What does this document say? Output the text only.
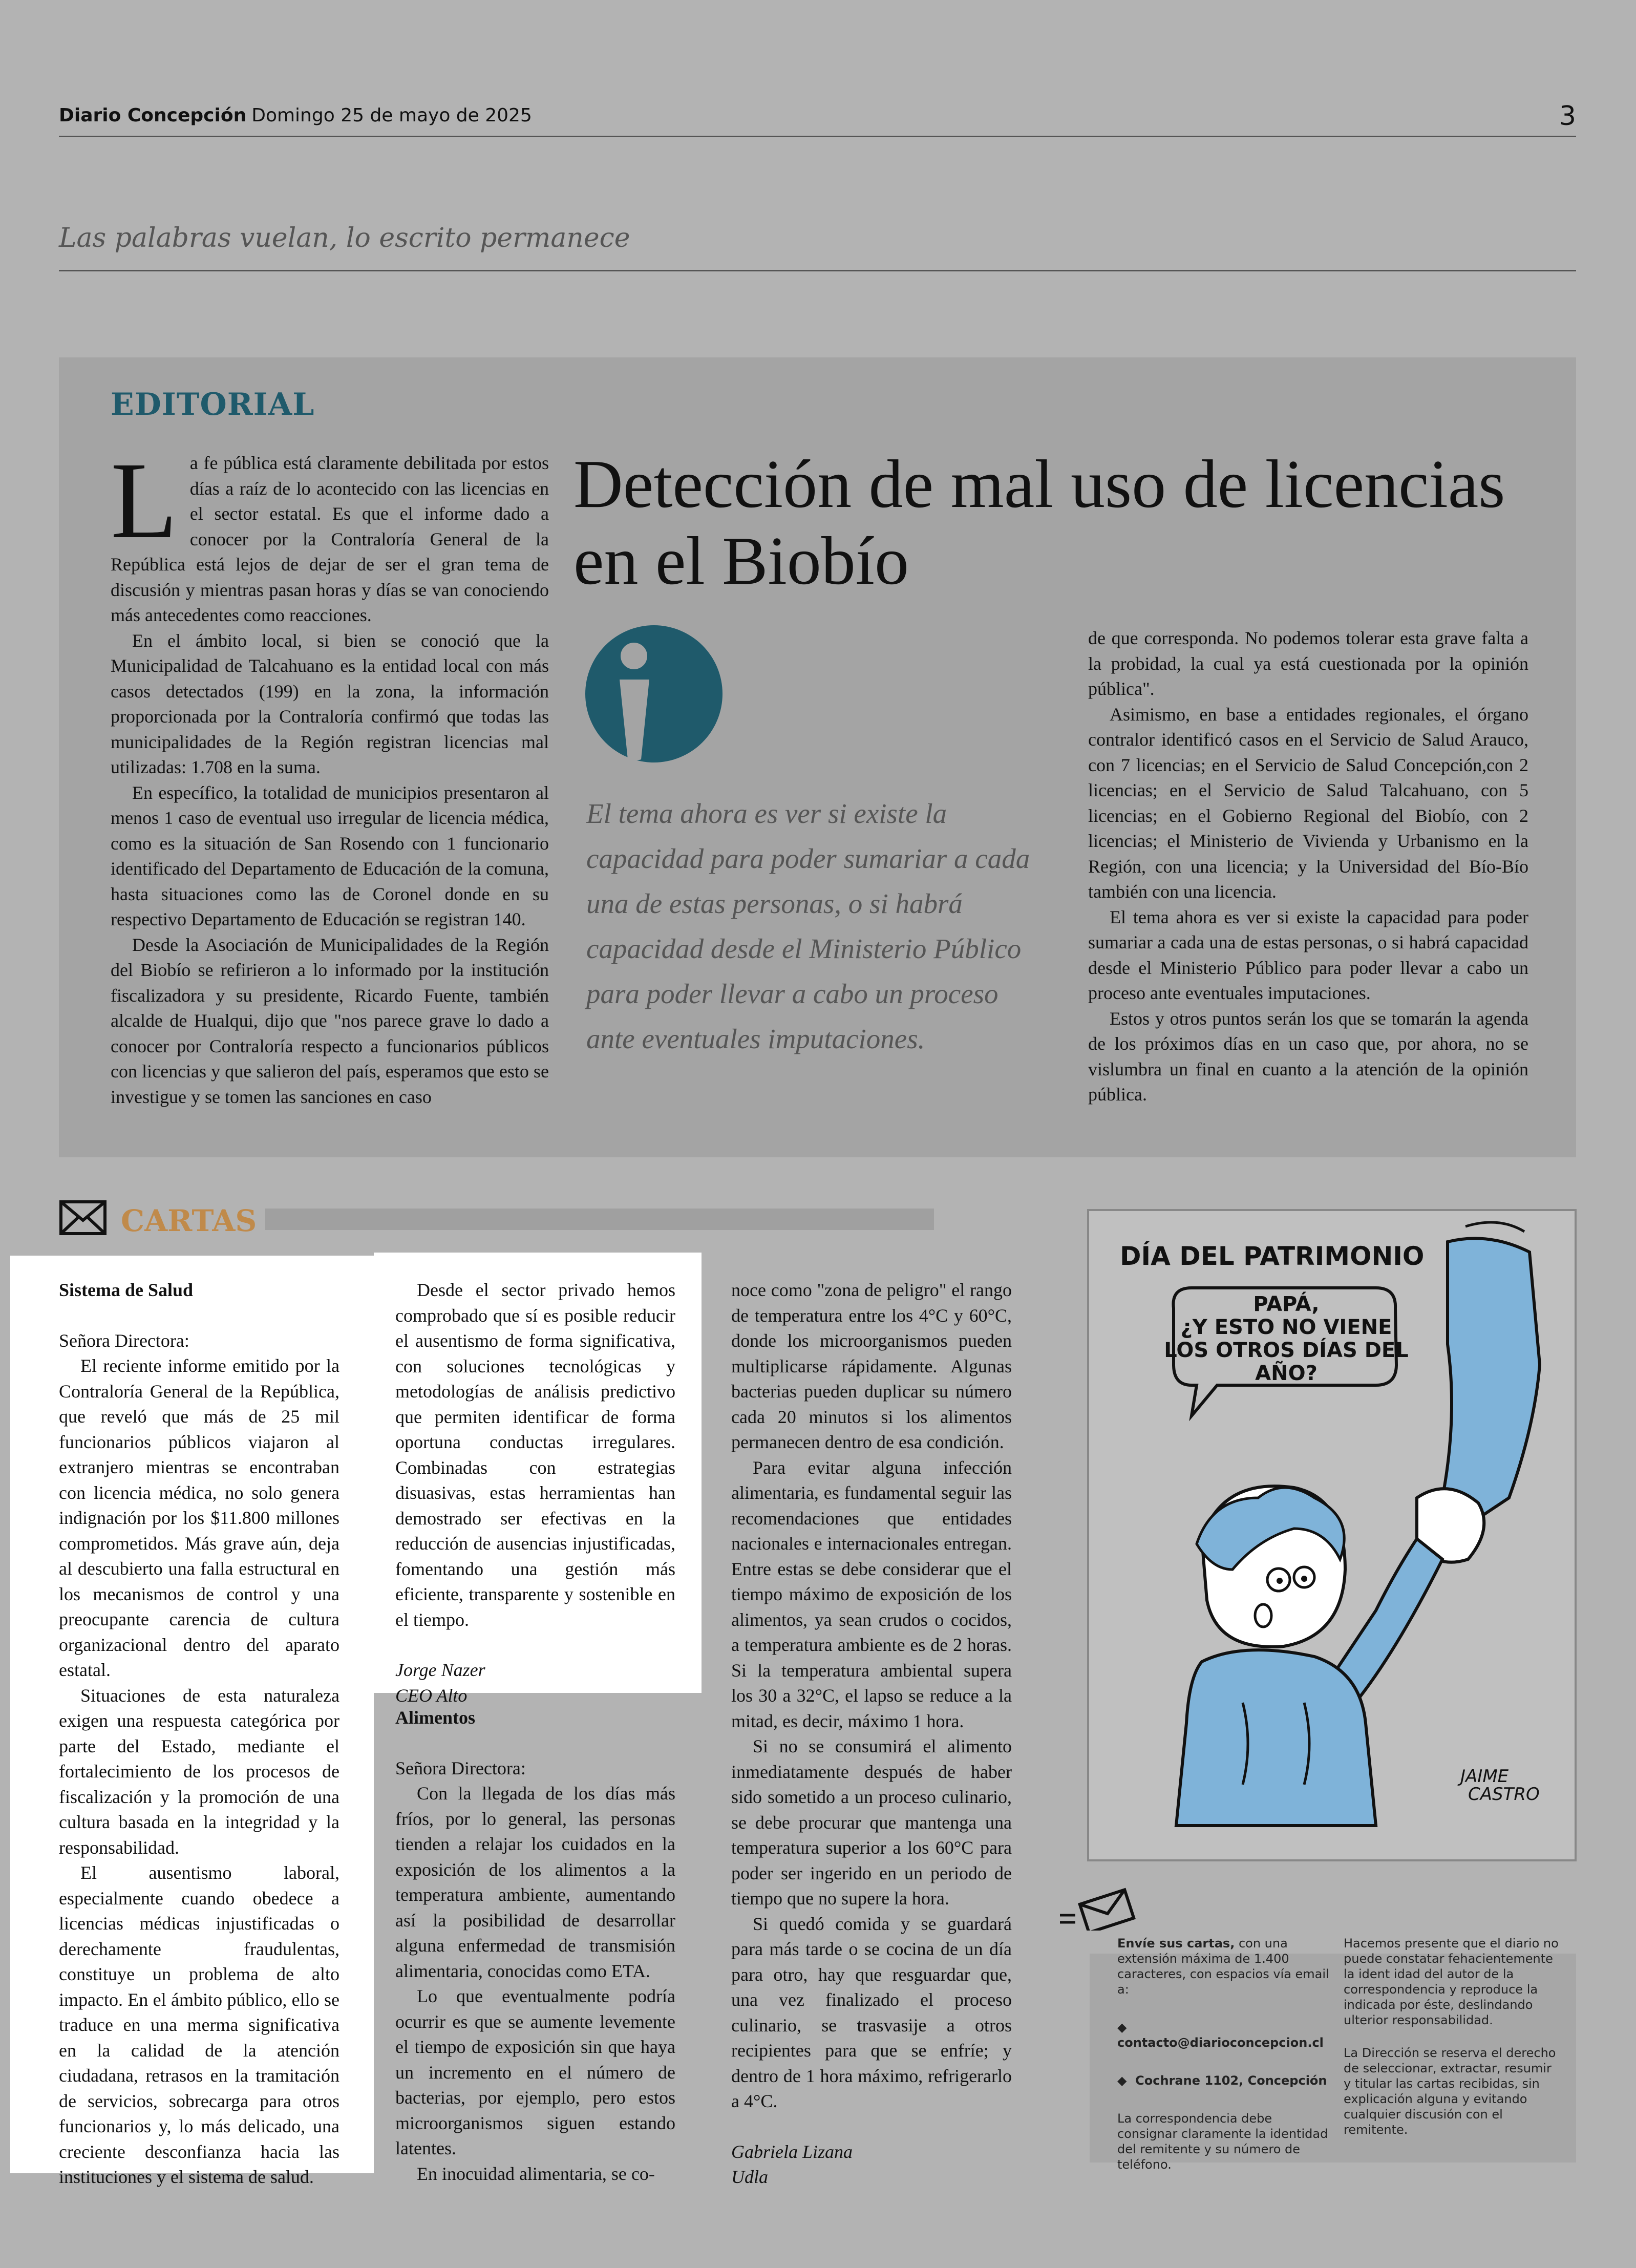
Diario Concepción Domingo 25 de mayo de 2025	3
Las palabras vuelan, lo escrito permanece
EDITORIAL

La fe pública está claramente debilitada por estos días a raíz de lo acontecido con las licencias en el sector estatal. Es que el informe dado a conocer por la Contraloría General de la República está lejos de dejar de ser el gran tema de discusión y mientras pasan horas y días se van conociendo más antecedentes como reacciones.

En el ámbito local, si bien se conoció que la Municipalidad de Talcahuano es la entidad local con más casos detectados (199) en la zona, la información proporcionada por la Contraloría confirmó que todas las municipalidades de la Región registran licencias mal utilizadas: 1.708 en la suma.

En específico, la totalidad de municipios presentaron al menos 1 caso de eventual uso irregular de licencia médica, como es la situación de San Rosendo con 1 funcionario identificado del Departamento de Educación de la comuna, hasta situaciones como las de Coronel donde en su respectivo Departamento de Educación se registran 140.

Desde la Asociación de Municipalidades de la Región del Biobío se refirieron a lo informado por la institución fiscalizadora y su presidente, Ricardo Fuente, también alcalde de Hualqui, dijo que "nos parece grave lo dado a conocer por Contraloría respecto a funcionarios públicos con licencias y que salieron del país, esperamos que esto se investigue y se tomen las sanciones en caso

Detección de mal uso de licencias en el Biobío
El tema ahora es ver si existe la capacidad para poder sumariar a cada una de estas personas, o si habrá capacidad desde el Ministerio Público para poder llevar a cabo un proceso ante eventuales imputaciones.

de que corresponda. No podemos tolerar esta grave falta a la probidad, la cual ya está cuestionada por la opinión pública".

Asimismo, en base a entidades regionales, el órgano contralor identificó casos en el Servicio de Salud Arauco, con 7 licencias; en el Servicio de Salud Concepción,con 2 licencias; en el Servicio de Salud Talcahuano, con 5 licencias; en el Gobierno Regional del Biobío, con 2 licencias; el Ministerio de Vivienda y Urbanismo en la Región, con una licencia; y la Universidad del Bío-Bío también con una licencia.

El tema ahora es ver si existe la capacidad para poder sumariar a cada una de estas personas, o si habrá capacidad desde el Ministerio Público para poder llevar a cabo un proceso ante eventuales imputaciones.

Estos y otros puntos serán los que se tomarán la agenda de los próximos días en un caso que, por ahora, no se vislumbra un final en cuanto a la atención de la opinión pública.

CARTAS

Sistema de Salud

Señora Directora:

El reciente informe emitido por la Contraloría General de la República, que reveló que más de 25 mil funcionarios públicos viajaron al extranjero mientras se encontraban con licencia médica, no solo genera indignación por los $11.800 millones comprometidos. Más grave aún, deja al descubierto una falla estructural en los mecanismos de control y una preocupante carencia de cultura organizacional dentro del aparato estatal.

Situaciones de esta naturaleza exigen una respuesta categórica por parte del Estado, mediante el fortalecimiento de los procesos de fiscalización y la promoción de una cultura basada en la integridad y la responsabilidad.

El ausentismo laboral, especialmente cuando obedece a licencias médicas injustificadas o derechamente fraudulentas, constituye un problema de alto impacto. En el ámbito público, ello se traduce en una merma significativa en la calidad de la atención ciudadana, retrasos en la tramitación de servicios, sobrecarga para otros funcionarios y, lo más delicado, una creciente desconfianza hacia las instituciones y el sistema de salud.

Desde el sector privado hemos comprobado que sí es posible reducir el ausentismo de forma significativa, con soluciones tecnológicas y metodologías de análisis predictivo que permiten identificar de forma oportuna conductas irregulares. Combinadas con estrategias disuasivas, estas herramientas han demostrado ser efectivas en la reducción de ausencias injustificadas, fomentando una gestión más eficiente, transparente y sostenible en el tiempo.

Jorge Nazer

CEO Alto

Alimentos

Señora Directora:

Con la llegada de los días más fríos, por lo general, las personas tienden a relajar los cuidados en la exposición de los alimentos a la temperatura ambiente, aumentando así la posibilidad de desarrollar alguna enfermedad de transmisión alimentaria, conocidas como ETA.

Lo que eventualmente podría ocurrir es que se aumente levemente el tiempo de exposición sin que haya un incremento en el número de bacterias, por ejemplo, pero estos microorganismos siguen estando latentes.

En inocuidad alimentaria, se co-

noce como "zona de peligro" el rango de temperatura entre los 4°C y 60°C, donde los microorganismos pueden multiplicarse rápidamente. Algunas bacterias pueden duplicar su número cada 20 minutos si los alimentos permanecen dentro de esa condición.

Para evitar alguna infección alimentaria, es fundamental seguir las recomendaciones que entidades nacionales e internacionales entregan. Entre estas se debe considerar que el tiempo máximo de exposición de los alimentos, ya sean crudos o cocidos, a temperatura ambiente es de 2 horas. Si la temperatura ambiental supera los 30 a 32°C, el lapso se reduce a la mitad, es decir, máximo 1 hora.

Si no se consumirá el alimento inmediatamente después de haber sido sometido a un proceso culinario, se debe procurar que mantenga una temperatura superior a los 60°C para poder ser ingerido en un periodo de tiempo que no supere la hora.

Si quedó comida y se guardará para más tarde o se cocina de un día para otro, hay que resguardar que, una vez finalizado el proceso culinario, se trasvasije a otros recipientes para que se enfríe; y dentro de 1 hora máximo, refrigerarlo a 4°C.

Gabriela Lizana

Udla

DÍA DEL PATRIMONIO
PAPÁ,
¿Y ESTO NO VIENE
LOS OTROS DÍAS DEL
AÑO?
JAIME
CASTRO
Envíe sus cartas, con una extensión máxima de 1.400 caracteres, con espacios vía email a:
◆  contacto@diarioconcepcion.cl
◆  Cochrane 1102, Concepción
La correspondencia debe consignar claramente la identidad del remitente y su número de teléfono.
Hacemos presente que el diario no puede constatar fehacientemente la ident idad del autor de la correspondencia y reproduce la indicada por éste, deslindando ulterior responsabilidad.
La Dirección se reserva el derecho de seleccionar, extractar, resumir y titular las cartas recibidas, sin explicación alguna y evitando cualquier discusión con el remitente.
